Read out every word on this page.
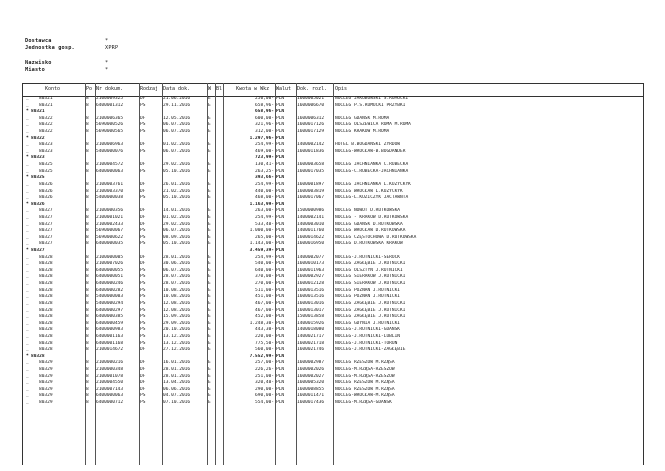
Dostawca	*
Jednostka gosp.	XPRP
Nazwisko	*
Miasto	*
Konto	Po Nr dokum.	Rodzaj Data dok.	W Bl	Kwota w Wkz Walut Dok. rozl. Opis
_ 80321	8	2100009325	DF	21.06.2016	E	250,00- PLN	1600005021	NOCLEG JAKUBOWSKI S.RUMUCKI
_ 80321	8	6400001312	PS	29.11.2016	E	658,96- PLN	1600006670	NOCLEG P.S.RUMUCKI PRZYBKI
* 80321	658,96- PLN
_ 80322	8	2100006365	DF	12.05.2016	E	600,00- PLN	1600006312	NOCLEG GDAŃSK M.ROMA
_ 80322	8	5690000526	PS	06.07.2016	E	321,96- PLN	1600017126	NOCLEG OLSZEWICA ROMA M.ROMA
_ 80322	8	5690000565	PS	06.07.2016	E	312,00- PLN	1600017129	NOCLEG KRAKÓW M.ROMA
* 80322	1.297,96- PLN
_ 80323	8	2100006963	DF	01.02.2016	E	254,99- PLN	1400002142	HOTEL B.BOGDANSKI ZYRDÓW
_ 80323	8	5400000076	PS	06.07.2016	E	469,00- PLN	1600011836	NOCLEG-WROCŁAW-B.BOGDANDER
* 80323	723,99- PLN
_ 80325	8	2100004572	DF	29.02.2016	E	130,41- PLN	1600003658	NOCLEG JACHNIANKA C.RUBECKA
_ 80325	8	6400000063	PS	05.10.2016	E	263,25- PLN	1600017035	NOCLEG-C.RUBECKA-JACHNIANKA
* 80325	393,66- PLN
_ 80326	8	2100003761	DF	26.01.2016	E	254,99- PLN	1600001897	NOCLEG JACHNIANKA L.KUZYCKYK
_ 80326	8	2100003370	DF	21.02.2016	E	440,00- PLN	1600003819	NOCLEG WROCŁAW L.KUZYCKYK
_ 80326	8	5400000038	PS	05.10.2016	E	468,00- PLN	1600017067	NOCLEG-L.KUZICZYK JACTAWNTA
* 80326	1.163,99- PLN
_ 80327	8	2100000356	DF	14.01.2016	E	263,00- PLN	1500000986	NOCLEG NOWOT D.RUTKOWSKA
_ 80327	8	2100001021	DF	01.02.2016	E	254,99- PLN	1400002141	NOCLEG - KRAKÓW D.RUTKOWSKA
_ 80327	8	2100002433	DF	29.02.2016	E	533,40- PLN	1400003010	NOCLEG GDAŃSK D.RUTKOWSKA
_ 80327	8	5690000067	PS	06.07.2016	E	1.000,00- PLN	1400011760	NOCLEG WROCŁAW D.RUTKOWSKA
_ 80327	8	5690000622	PS	08.09.2016	E	265,00- PLN	1600014622	NOCLEG CZĘSTOCHOWA D.RUTKOWSKA
_ 80327	8	6400000035	PS	05.10.2016	E	1.143,00- PLN	1600016950	NOCLEG D.RUTKOWSKA KRAKÓW
* 80327	3.459,39- PLN
_ 80328	8	2100000005	DF	28.01.2016	E	254,99- PLN	1400002077	NOCLEG-J.RUTNICKI-SEROCK
_ 80328	8	2100007026	DF	30.06.2016	E	540,00- PLN	1600010173	NOCLEG ZAGŁĘBIE J.RUTNICKI
_ 80328	8	6400000055	PS	06.07.2016	E	640,00- PLN	1600011963	NOCLEG OLSZTYN J.RUTNICKI
_ 80328	8	6400000051	PS	28.07.2016	E	370,00- PLN	1600002927	NOCLEG SIERAKÓW J.RUTNICKI
_ 80328	8	6400000246	PS	28.07.2016	E	270,00- PLN	1600012128	NOCLEG SIERAKÓW J.RUTNICKI
_ 80328	8	6400000282	PS	10.08.2016	E	511,00- PLN	1600013516	NOCLEG POZNAŃ J.RUTNICKI
_ 80328	8	5400000003	PS	10.08.2016	E	451,00- PLN	1600013516	NOCLEG POZNAŃ J.RUTNICKI
_ 80328	8	5400000294	PS	12.08.2016	E	467,00- PLN	1600013016	NOCLEG ZAGŁĘBIE J.RUTNICKI
_ 80328	8	6400000297	PS	12.08.2016	E	467,00- PLN	1600013017	NOCLEG ZAGŁĘBIE J.RUTNICKI
_ 80328	8	6400000385	PS	15.09.2016	E	452,00- PLN	1500013858	NOCLEG ZAGŁĘBIE J.RUTNICKI
_ 80328	8	6400000459	PS	29.09.2016	E	1.248,30- PLN	1400015926	NOCLEG GDYNIA J.RUTNICKI
_ 80328	8	6400000983	PS	20.10.2016	E	443,30- PLN	1400018080	NOCLEG-J.RUTNICKI-GDAŃSK
_ 80328	8	6400001163	PS	13.12.2016	E	220,00- PLN	1400021717	NOCLEG-J.RUTNICKI-LUBLIN
_ 80328	8	6400001168	PS	13.12.2016	E	775,50- PLN	1600021718	NOCLEG-J.RUTNICKI-TORUŃ
_ 80328	8	2100014672	DF	27.12.2016	E	560,00- PLN	1600021746	NOCLEG-J.RUTNICKI-ZAGŁĘBIE
* 80328	7.552,99- PLN
_ 80329	8	2100000216	DF	16.01.2016	E	257,00- PLN	1600002987	NOCLEG RZESZÓW M.RZĄSA
_ 80329	8	2100000348	DF	28.01.2016	E	226,26- PLN	1600002026	NOCLEG-M.RZĄSA-RZESZÓW
_ 80329	8	2100001078	DF	28.01.2016	E	251,00- PLN	1600002027	NOCLEG-M.RZĄSA-RZESZÓW
_ 80329	8	2100004550	DF	13.04.2016	E	320,40- PLN	1600005320	NOCLEG RZESZÓW M.RZĄSA
_ 80329	8	2100007143	DF	06.06.2016	E	290,00- PLN	1600008855	NOCLEG RZESZÓW M.RZĄSA
_ 80329	8	6400000063	PS	04.07.2016	E	690,00- PLN	1600011471	NOCLEG-WROCŁAW-M.RZĄSA
_ 80329	8	6400000712	PS	07.10.2016	E	554,00- PLN	1600017436	NOCLEG-M.RZĄSA-GDAŃSK
